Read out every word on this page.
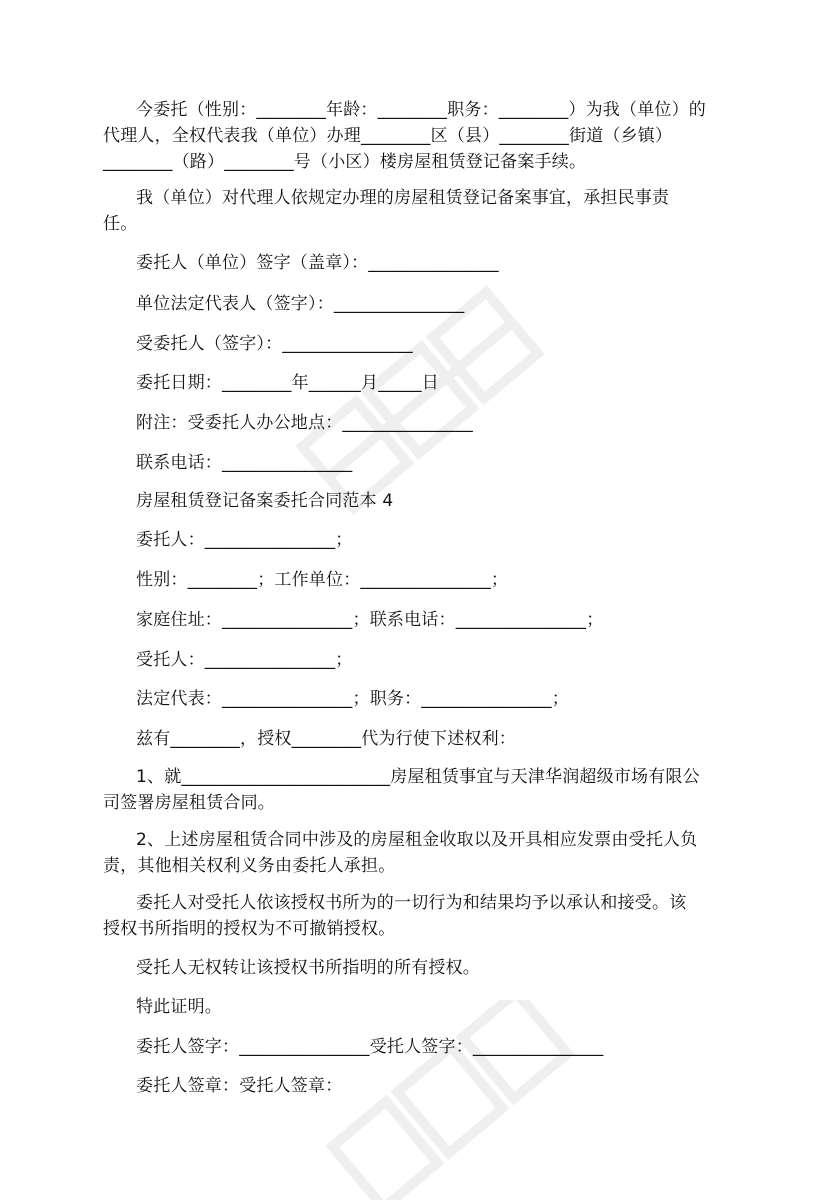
今委托（性别：________年龄：________职务：________）为我（单位）的
代理人，全权代表我（单位）办理________区（县）________街道（乡镇）
________（路）________号（小区）楼房屋租赁登记备案手续。
我（单位）对代理人依规定办理的房屋租赁登记备案事宜，承担民事责
任。
委托人（单位）签字（盖章）：_______________
单位法定代表人（签字）：_______________
受委托人（签字）：_______________
委托日期：________年______月_____日
附注：受委托人办公地点：_______________
联系电话：_______________
房屋租赁登记备案委托合同范本 4
委托人：_______________；
性别：________；工作单位：_______________；
家庭住址：_______________；联系电话：_______________；
受托人：_______________；
法定代表：_______________；职务：_______________；
兹有________，授权________代为行使下述权利：
1、就________________________房屋租赁事宜与天津华润超级市场有限公
司签署房屋租赁合同。
2、上述房屋租赁合同中涉及的房屋租金收取以及开具相应发票由受托人负
责，其他相关权利义务由委托人承担。
委托人对受托人依该授权书所为的一切行为和结果均予以承认和接受。该
授权书所指明的授权为不可撤销授权。
受托人无权转让该授权书所指明的所有授权。
特此证明。
委托人签字：_______________受托人签字：_______________
委托人签章：受托人签章：
